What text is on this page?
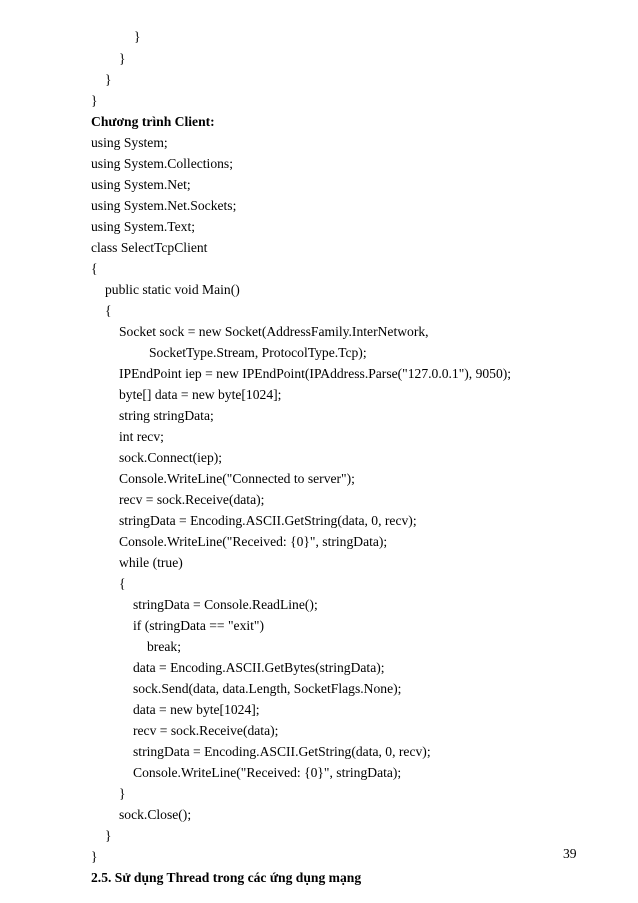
}
}
}
}
Chương trình Client:
using System;
using System.Collections;
using System.Net;
using System.Net.Sockets;
using System.Text;
class SelectTcpClient
{
public static void Main()
{
Socket sock = new Socket(AddressFamily.InterNetwork,
SocketType.Stream, ProtocolType.Tcp);
IPEndPoint iep = new IPEndPoint(IPAddress.Parse("127.0.0.1"), 9050);
byte[] data = new byte[1024];
string stringData;
int recv;
sock.Connect(iep);
Console.WriteLine("Connected to server");
recv = sock.Receive(data);
stringData = Encoding.ASCII.GetString(data, 0, recv);
Console.WriteLine("Received: {0}", stringData);
while (true)
{
stringData = Console.ReadLine();
if (stringData == "exit")
break;
data = Encoding.ASCII.GetBytes(stringData);
sock.Send(data, data.Length, SocketFlags.None);
data = new byte[1024];
recv = sock.Receive(data);
stringData = Encoding.ASCII.GetString(data, 0, recv);
Console.WriteLine("Received: {0}", stringData);
}
sock.Close();
}
}
2.5. Sử dụng Thread trong các ứng dụng mạng
39
